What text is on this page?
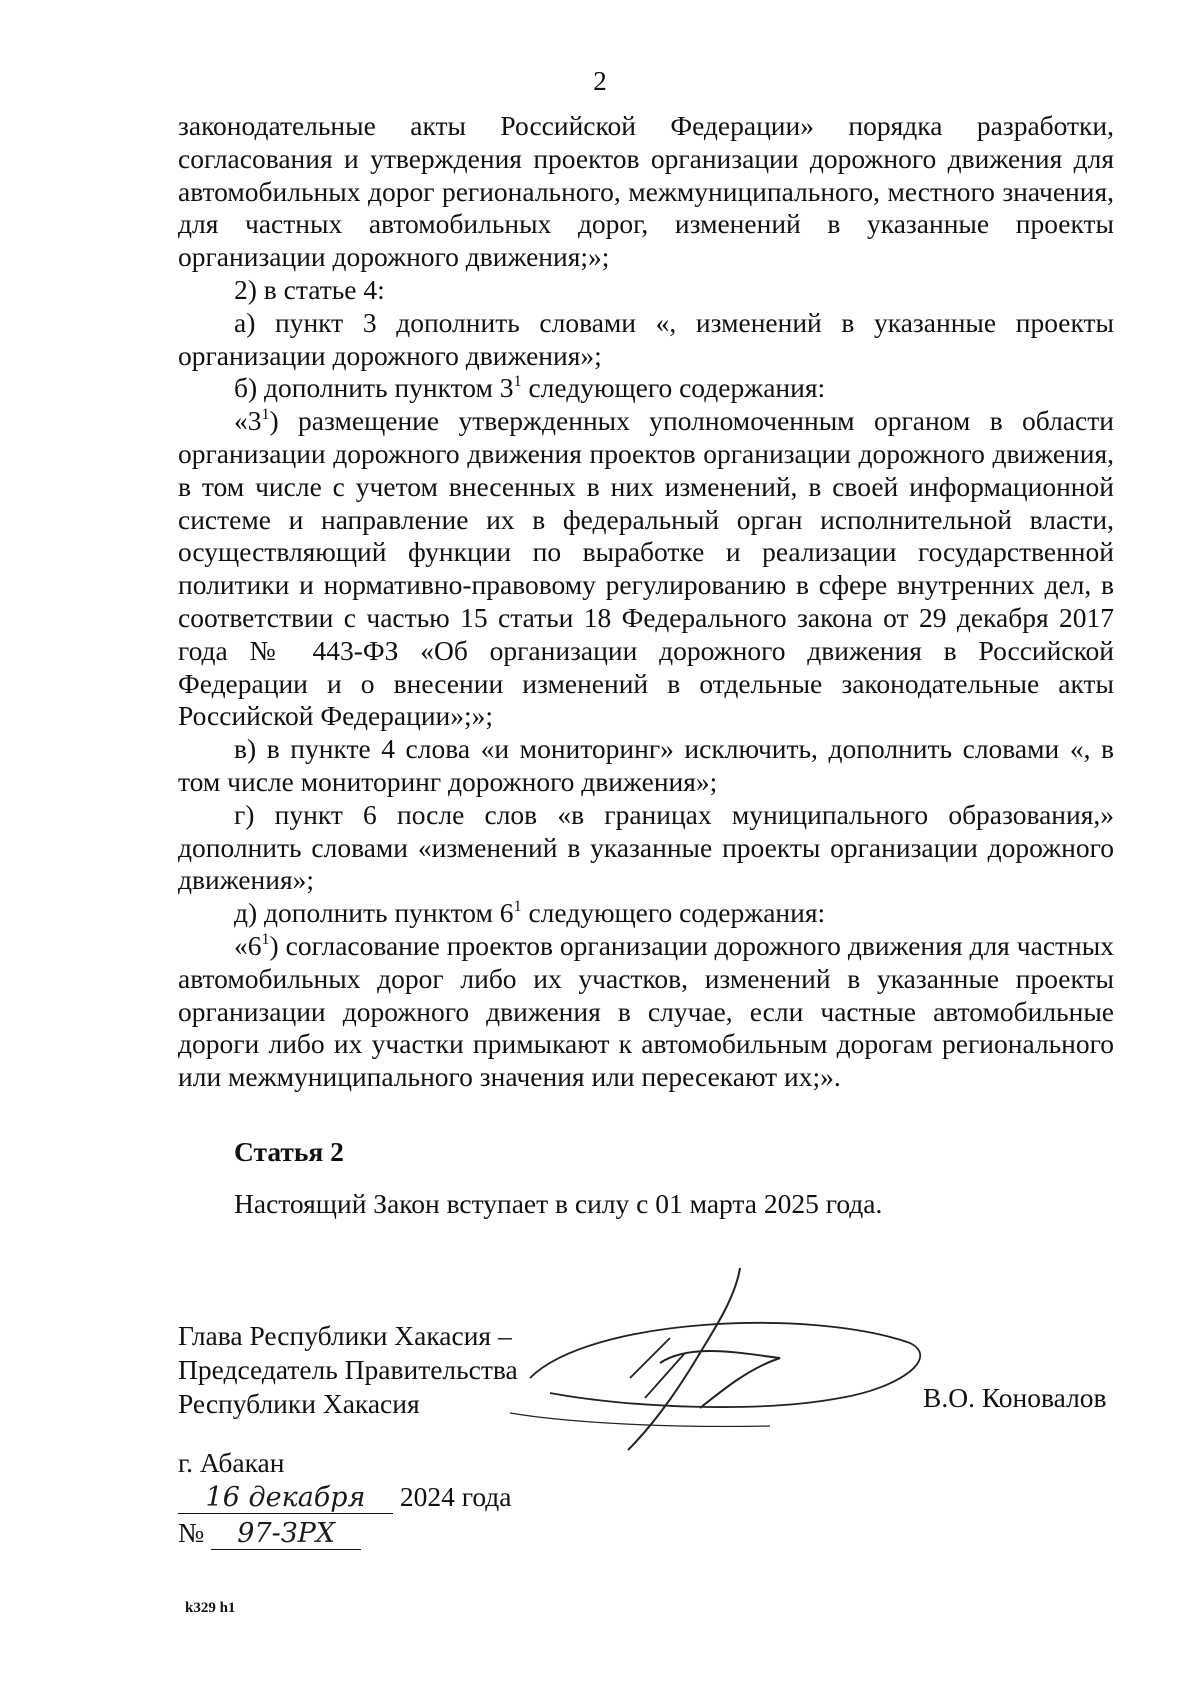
2

законодательные акты Российской Федерации» порядка разработки, согласования и утверждения проектов организации дорожного движения для автомобильных дорог регионального, межмуниципального, местного значения, для частных автомобильных дорог, изменений в указанные проекты организации дорожного движения;»;

2) в статье 4:

а) пункт 3 дополнить словами «, изменений в указанные проекты организации дорожного движения»;

б) дополнить пунктом $3^1$ следующего содержания:

«$3^1$) размещение утвержденных уполномоченным органом в области организации дорожного движения проектов организации дорожного движения, в том числе с учетом внесенных в них изменений, в своей информационной системе и направление их в федеральный орган исполнительной власти, осуществляющий функции по выработке и реализации государственной политики и нормативно-правовому регулированию в сфере внутренних дел, в соответствии с частью 15 статьи 18 Федерального закона от 29 декабря 2017 года № 443-ФЗ «Об организации дорожного движения в Российской Федерации и о внесении изменений в отдельные законодательные акты Российской Федерации»;»;

в) в пункте 4 слова «и мониторинг» исключить, дополнить словами «, в том числе мониторинг дорожного движения»;

г) пункт 6 после слов «в границах муниципального образования,» дополнить словами «изменений в указанные проекты организации дорожного движения»;

д) дополнить пунктом $6^1$ следующего содержания:

«$6^1$) согласование проектов организации дорожного движения для частных автомобильных дорог либо их участков, изменений в указанные проекты организации дорожного движения в случае, если частные автомобильные дороги либо их участки примыкают к автомобильным дорогам регионального или межмуниципального значения или пересекают их;».

Статья 2
Настоящий Закон вступает в силу с 01 марта 2025 года.
Глава Республики Хакасия –
Председатель Правительства
Республики Хакасия	В.О. Коновалов
г. Абакан
16 декабря 2024 года
№ 97-ЗРХ
k329 h1
